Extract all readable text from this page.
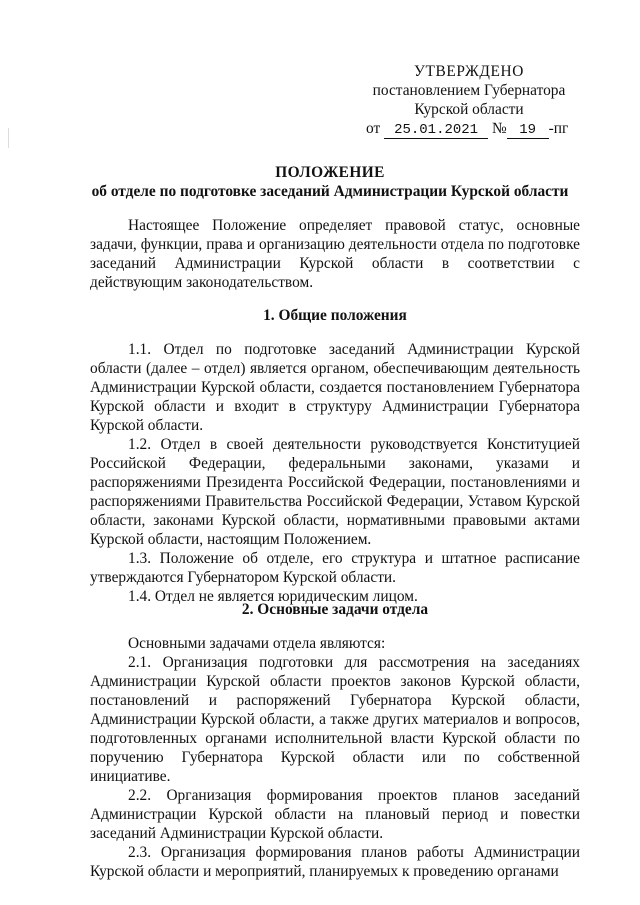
УТВЕРЖДЕНО
постановлением Губернатора
Курской области
от 25.01.2021 № 19 -пг
ПОЛОЖЕНИЕ
об отделе по подготовке заседаний Администрации Курской области

Настоящее Положение определяет правовой статус, основные задачи, функции, права и организацию деятельности отдела по подготовке заседаний Администрации Курской области в соответствии с действующим законодательством.

1. Общие положения

1.1. Отдел по подготовке заседаний Администрации Курской области (далее – отдел) является органом, обеспечивающим деятельность Администрации Курской области, создается постановлением Губернатора Курской области и входит в структуру Администрации Губернатора Курской области.

1.2. Отдел в своей деятельности руководствуется Конституцией Российской Федерации, федеральными законами, указами и распоряжениями Президента Российской Федерации, постановлениями и распоряжениями Правительства Российской Федерации, Уставом Курской области, законами Курской области, нормативными правовыми актами Курской области, настоящим Положением.

1.3. Положение об отделе, его структура и штатное расписание утверждаются Губернатором Курской области.

1.4. Отдел не является юридическим лицом.

2. Основные задачи отдела

Основными задачами отдела являются:

2.1. Организация подготовки для рассмотрения на заседаниях Администрации Курской области проектов законов Курской области, постановлений и распоряжений Губернатора Курской области, Администрации Курской области, а также других материалов и вопросов, подготовленных органами исполнительной власти Курской области по поручению Губернатора Курской области или по собственной инициативе.

2.2. Организация формирования проектов планов заседаний Администрации Курской области на плановый период и повестки заседаний Администрации Курской области.

2.3. Организация формирования планов работы Администрации Курской области и мероприятий, планируемых к проведению органами
